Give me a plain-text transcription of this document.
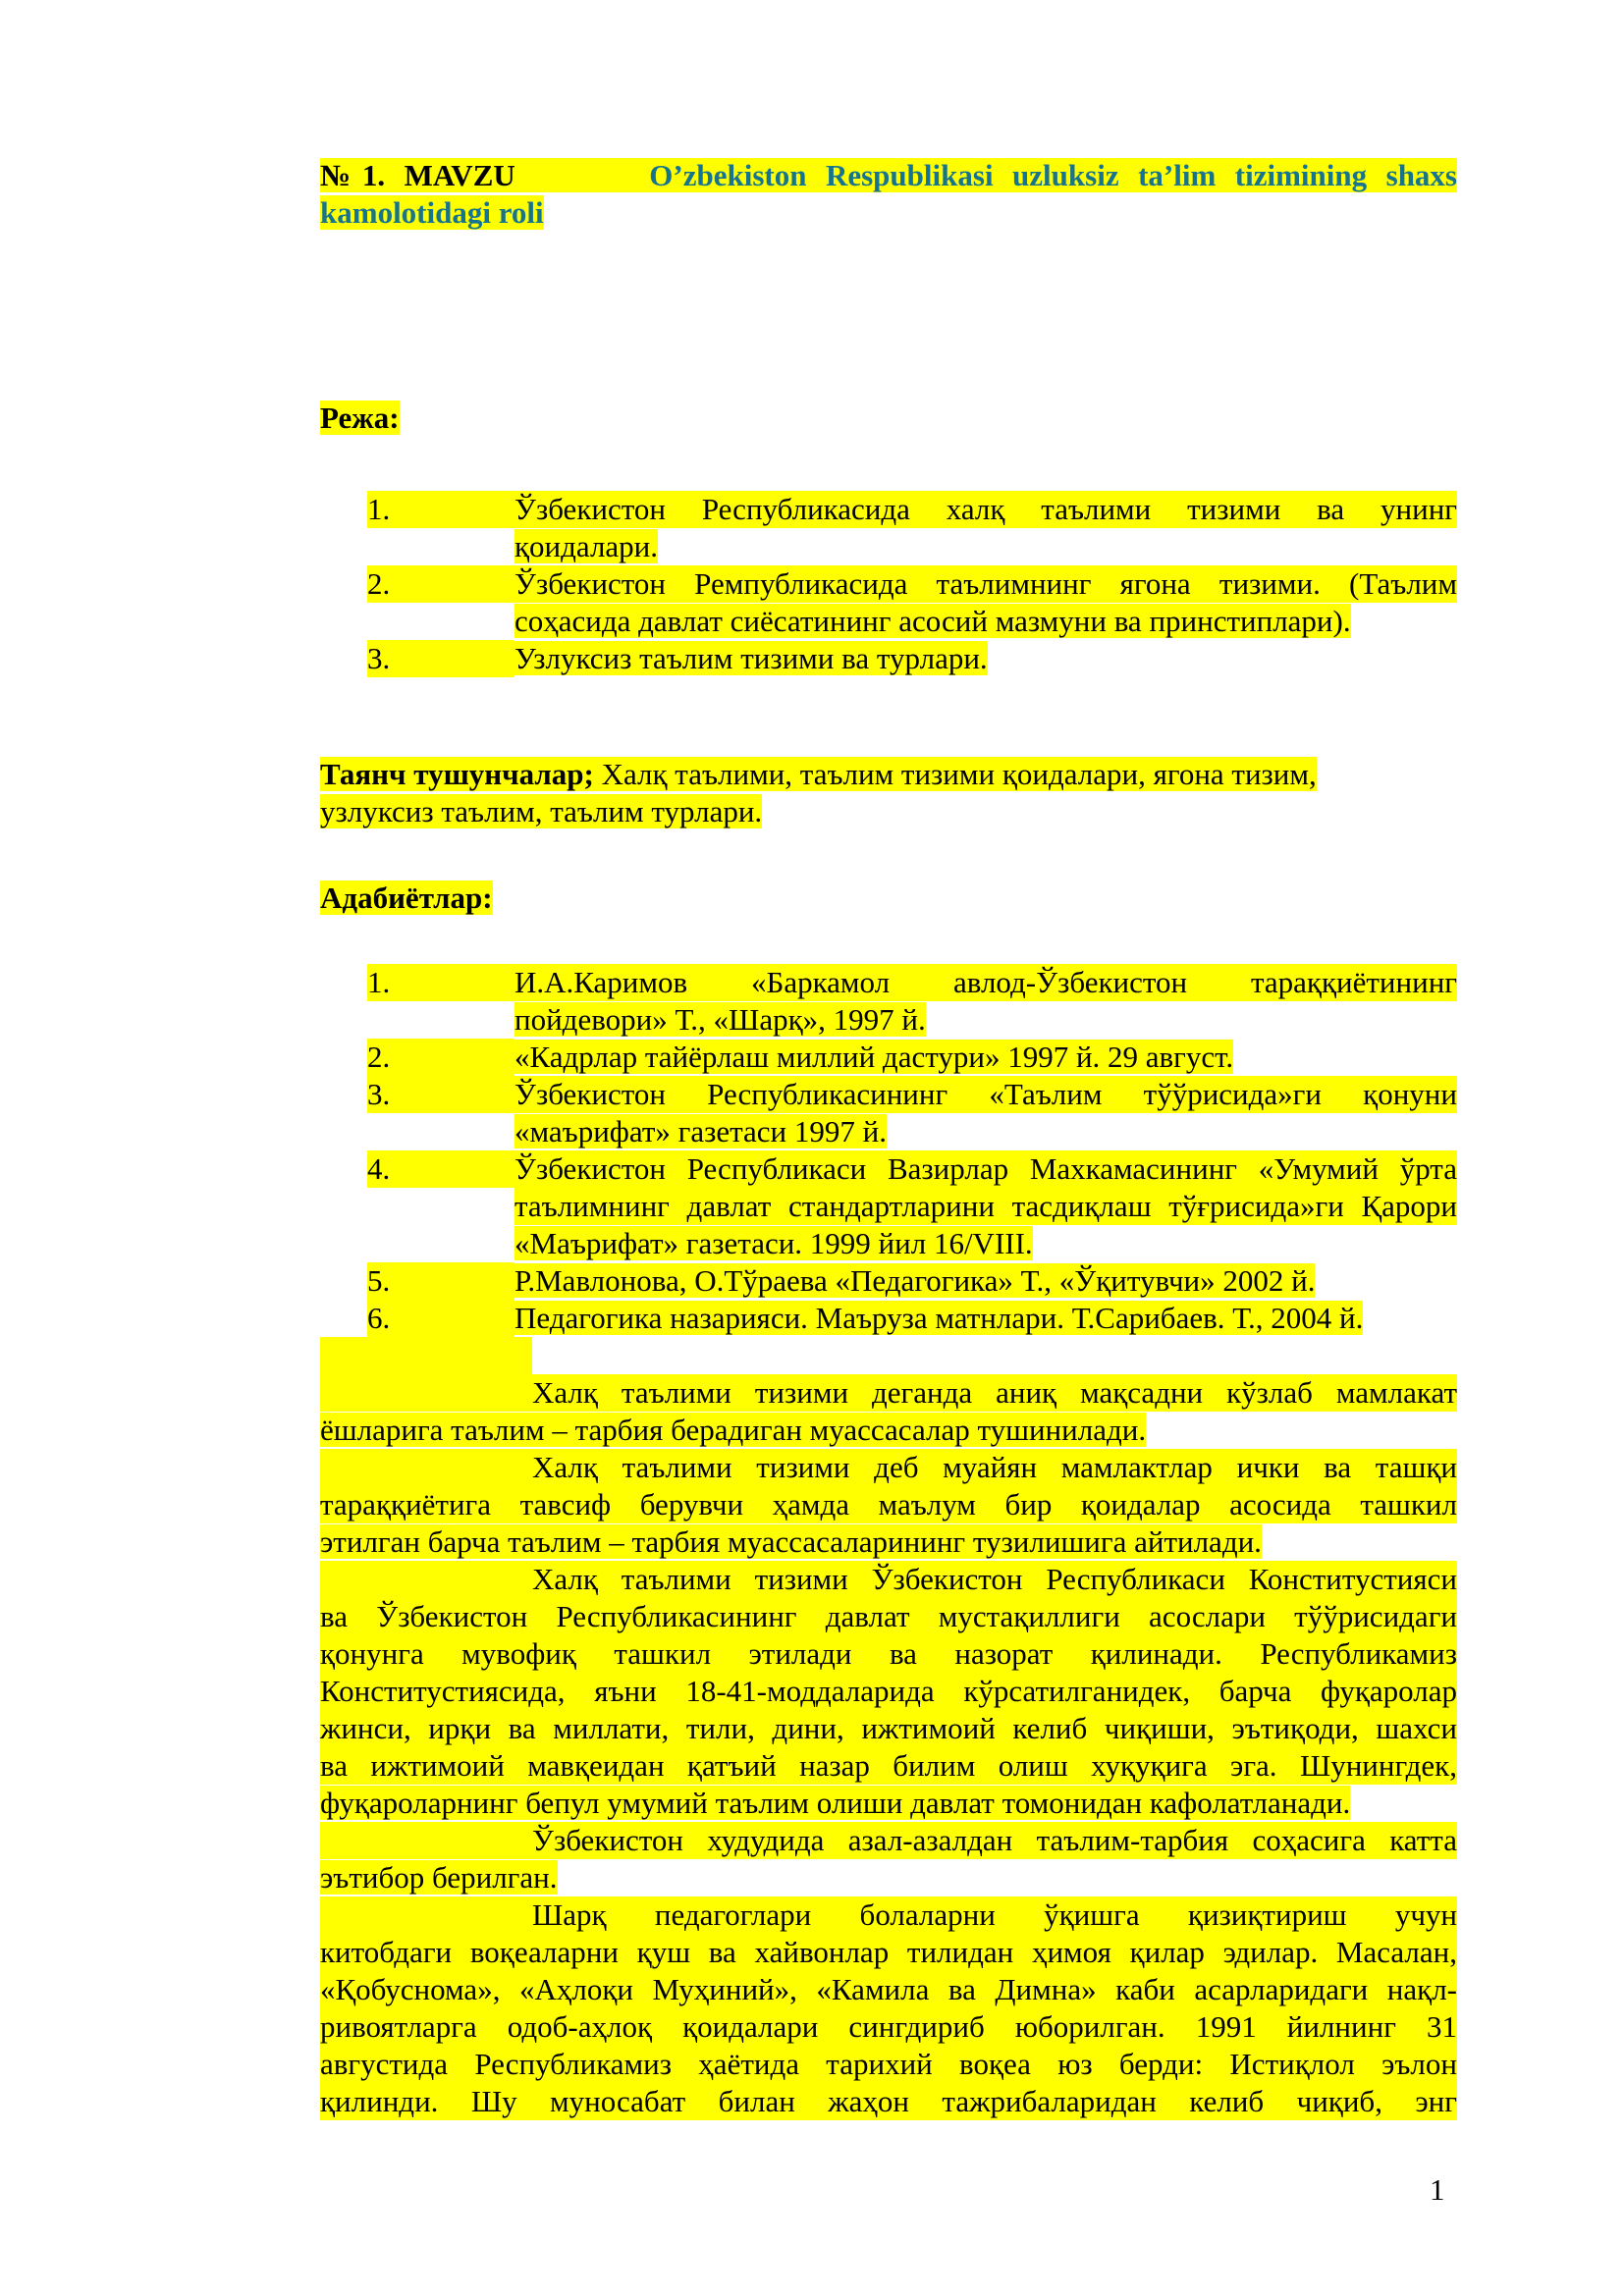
№1. MAVZU	O’zbekiston Respublikasi uzluksiz ta’lim tizimining shaxs
kamolotidagi roli
Режа:
1.	Ўзбекистон Республикасида халқ таълими тизими ва унинг
қоидалари.
2.	Ўзбекистон Ремпубликасида таълимнинг ягона тизими. (Таълим
соҳасида давлат сиёсатининг асосий мазмуни ва принстиплари).
3.	Узлуксиз таълим тизими ва турлари.
Таянч тушунчалар; Халқ таълими, таълим тизими қоидалари, ягона тизим,
узлуксиз таълим, таълим турлари.
Адабиётлар:
1.	И.А.Каримов «Баркамол авлод-Ўзбекистон тараққиётининг
пойдевори» Т., «Шарқ», 1997 й.
2.	«Кадрлар тайёрлаш миллий дастури» 1997 й. 29 август.
3.	Ўзбекистон Республикасининг «Таълим тўўрисида»ги қонуни
«маърифат» газетаси 1997 й.
4.	Ўзбекистон Республикаси Вазирлар Махкамасининг «Умумий ўрта
таълимнинг давлат стандартларини тасдиқлаш тўғрисида»ги Қарори
«Маърифат» газетаси. 1999 йил 16/VIII.
5.	Р.Мавлонова, О.Тўраева «Педагогика» Т., «Ўқитувчи» 2002 й.
6.	Педагогика назарияси. Маъруза матнлари. Т.Сарибаев. Т., 2004 й.
Халқ таълими тизими деганда аниқ мақсадни кўзлаб мамлакат
ёшларига таълим – тарбия берадиган муассасалар тушинилади.
Халқ таълими тизими деб муайян мамлактлар ички ва ташқи
тараққиётига тавсиф берувчи ҳамда маълум бир қоидалар асосида ташкил
этилган барча таълим – тарбия муассасаларининг тузилишига айтилади.
Халқ таълими тизими Ўзбекистон Республикаси Конститустияси
ва Ўзбекистон Республикасининг давлат мустақиллиги асослари тўўрисидаги
қонунга мувофиқ ташкил этилади ва назорат қилинади. Республикамиз
Конститустиясида, яъни 18-41-моддаларида кўрсатилганидек, барча фуқаролар
жинси, ирқи ва миллати, тили, дини, ижтимоий келиб чиқиши, эътиқоди, шахси
ва ижтимоий мавқеидан қатъий назар билим олиш хуқуқига эга. Шунингдек,
фуқароларнинг бепул умумий таълим олиши давлат томонидан кафолатланади.
Ўзбекистон худудида азал-азалдан таълим-тарбия соҳасига катта
эътибор берилган.
Шарқ педагоглари болаларни ўқишга қизиқтириш учун
китобдаги воқеаларни қуш ва хайвонлар тилидан ҳимоя қилар эдилар. Масалан,
«Қобуснома», «Аҳлоқи Муҳиний», «Камила ва Димна» каби асарларидаги нақл-
ривоятларга одоб-аҳлоқ қоидалари сингдириб юборилган. 1991 йилнинг 31
августида Республикамиз ҳаётида тарихий воқеа юз берди: Истиқлол эълон
қилинди. Шу муносабат билан жаҳон тажрибаларидан келиб чиқиб, энг
1
